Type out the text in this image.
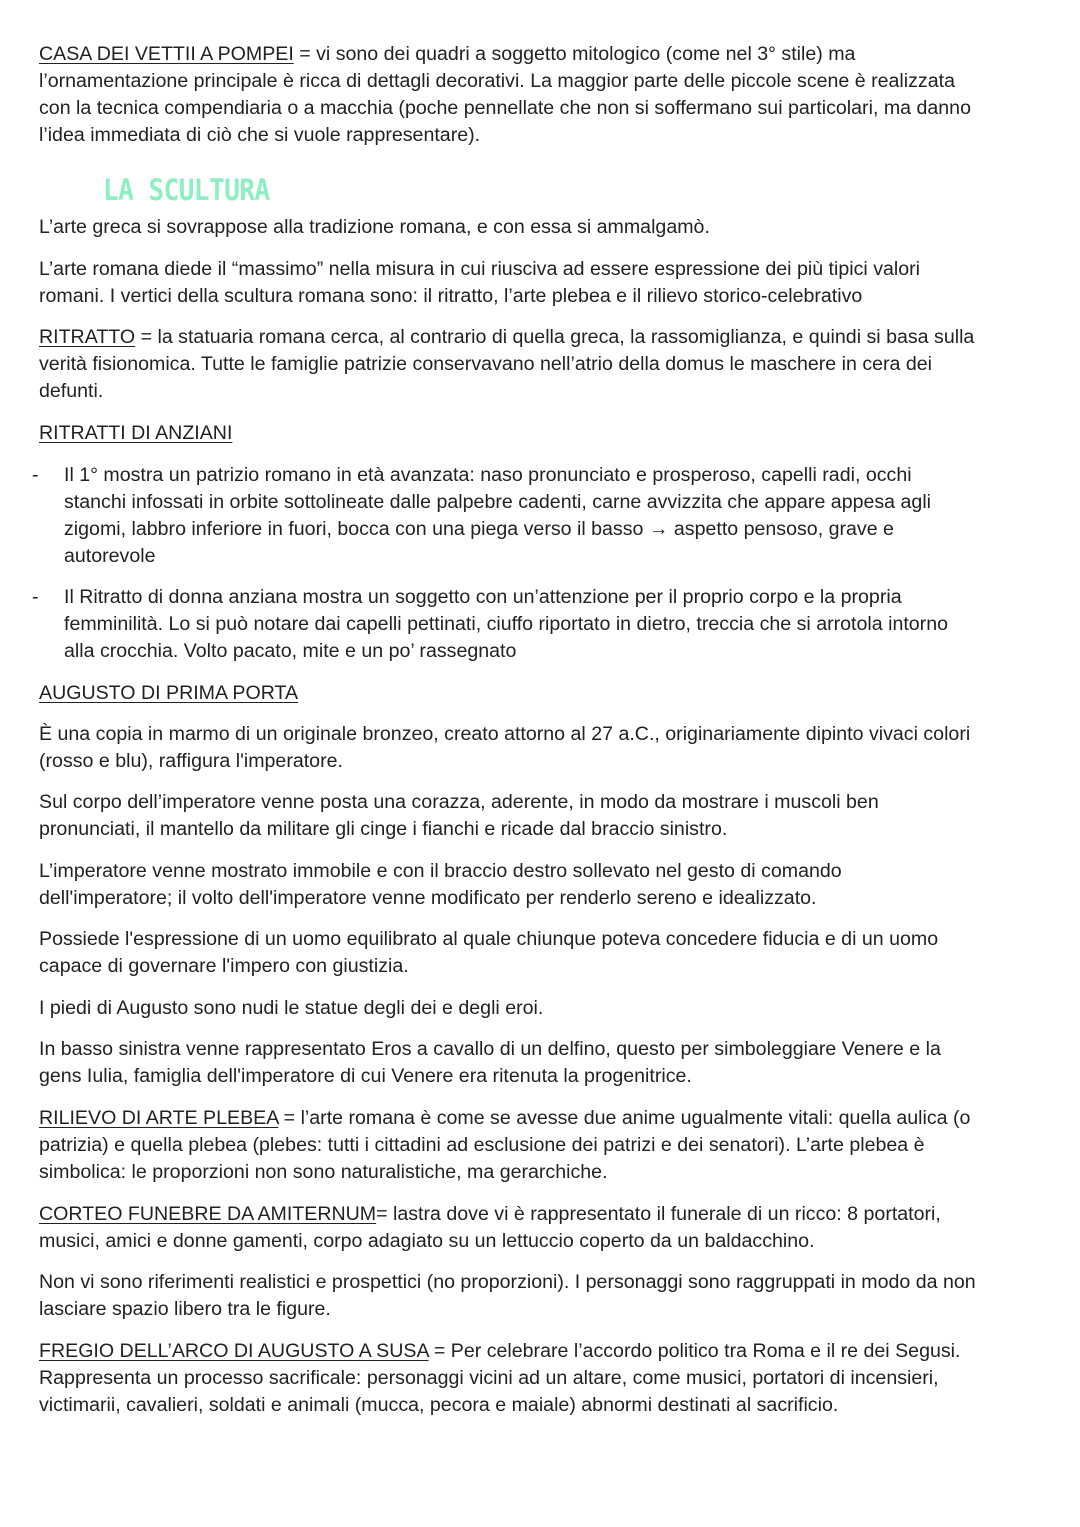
CASA DEI VETTII A POMPEI = vi sono dei quadri a soggetto mitologico (come nel 3° stile) ma
l’ornamentazione principale è ricca di dettagli decorativi. La maggior parte delle piccole scene è realizzata
con la tecnica compendiaria o a macchia (poche pennellate che non si soffermano sui particolari, ma danno
l’idea immediata di ciò che si vuole rappresentare).

LA SCULTURA

L’arte greca si sovrappose alla tradizione romana, e con essa si ammalgamò.

L’arte romana diede il “massimo” nella misura in cui riusciva ad essere espressione dei più tipici valori
romani. I vertici della scultura romana sono: il ritratto, l’arte plebea e il rilievo storico-celebrativo

RITRATTO = la statuaria romana cerca, al contrario di quella greca, la rassomiglianza, e quindi si basa sulla
verità fisionomica. Tutte le famiglie patrizie conservavano nell’atrio della domus le maschere in cera dei
defunti.

RITRATTI DI ANZIANI

- Il 1° mostra un patrizio romano in età avanzata: naso pronunciato e prosperoso, capelli radi, occhi
stanchi infossati in orbite sottolineate dalle palpebre cadenti, carne avvizzita che appare appesa agli
zigomi, labbro inferiore in fuori, bocca con una piega verso il basso → aspetto pensoso, grave e
autorevole

- Il Ritratto di donna anziana mostra un soggetto con un’attenzione per il proprio corpo e la propria
femminilità. Lo si può notare dai capelli pettinati, ciuffo riportato in dietro, treccia che si arrotola intorno
alla crocchia. Volto pacato, mite e un po’ rassegnato

AUGUSTO DI PRIMA PORTA

È una copia in marmo di un originale bronzeo, creato attorno al 27 a.C., originariamente dipinto vivaci colori
(rosso e blu), raffigura l'imperatore.

Sul corpo dell’imperatore venne posta una corazza, aderente, in modo da mostrare i muscoli ben
pronunciati, il mantello da militare gli cinge i fianchi e ricade dal braccio sinistro.

L’imperatore venne mostrato immobile e con il braccio destro sollevato nel gesto di comando
dell'imperatore; il volto dell'imperatore venne modificato per renderlo sereno e idealizzato.

Possiede l'espressione di un uomo equilibrato al quale chiunque poteva concedere fiducia e di un uomo
capace di governare l'impero con giustizia.

I piedi di Augusto sono nudi le statue degli dei e degli eroi.

In basso sinistra venne rappresentato Eros a cavallo di un delfino, questo per simboleggiare Venere e la
gens Iulia, famiglia dell'imperatore di cui Venere era ritenuta la progenitrice.

RILIEVO DI ARTE PLEBEA = l’arte romana è come se avesse due anime ugualmente vitali: quella aulica (o
patrizia) e quella plebea (plebes: tutti i cittadini ad esclusione dei patrizi e dei senatori). L’arte plebea è
simbolica: le proporzioni non sono naturalistiche, ma gerarchiche.

CORTEO FUNEBRE DA AMITERNUM= lastra dove vi è rappresentato il funerale di un ricco: 8 portatori,
musici, amici e donne gamenti, corpo adagiato su un lettuccio coperto da un baldacchino.

Non vi sono riferimenti realistici e prospettici (no proporzioni). I personaggi sono raggruppati in modo da non
lasciare spazio libero tra le figure.

FREGIO DELL’ARCO DI AUGUSTO A SUSA = Per celebrare l’accordo politico tra Roma e il re dei Segusi.
Rappresenta un processo sacrificale: personaggi vicini ad un altare, come musici, portatori di incensieri,
victimarii, cavalieri, soldati e animali (mucca, pecora e maiale) abnormi destinati al sacrificio.
